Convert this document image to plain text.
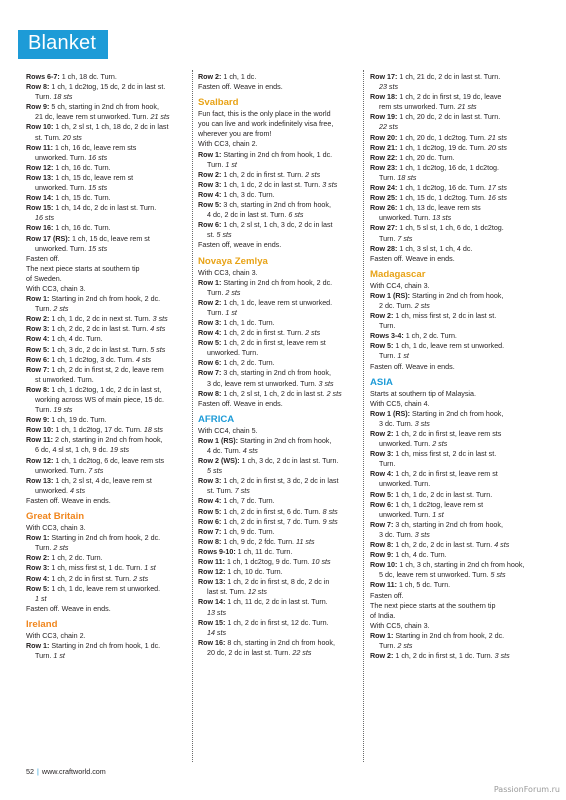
Blanket
Rows 6-7: 1 ch, 18 dc. Turn.
Row 8: 1 ch, 1 dc2tog, 15 dc, 2 dc in last st.
Turn. 18 sts
Row 9: 5 ch, starting in 2nd ch from hook,
21 dc, leave rem st unworked. Turn. 21 sts
Row 10: 1 ch, 2 sl st, 1 ch, 18 dc, 2 dc in last
st. Turn. 20 sts
Row 11: 1 ch, 16 dc, leave rem sts
unworked. Turn. 16 sts
Row 12: 1 ch, 16 dc. Turn.
Row 13: 1 ch, 15 dc, leave rem st
unworked. Turn. 15 sts
Row 14: 1 ch, 15 dc. Turn.
Row 15: 1 ch, 14 dc, 2 dc in last st. Turn.
16 sts
Row 16: 1 ch, 16 dc. Turn.
Row 17 (RS): 1 ch, 15 dc, leave rem st
unworked. Turn. 15 sts
Fasten off.
The next piece starts at southern tip
of Sweden.
With CC3, chain 3.
Row 1: Starting in 2nd ch from hook, 2 dc.
Turn. 2 sts
Row 2: 1 ch, 1 dc, 2 dc in next st. Turn. 3 sts
Row 3: 1 ch, 2 dc, 2 dc in last st. Turn. 4 sts
Row 4: 1 ch, 4 dc. Turn.
Row 5: 1 ch, 3 dc, 2 dc in last st. Turn. 5 sts
Row 6: 1 ch, 1 dc2tog, 3 dc. Turn. 4 sts
Row 7: 1 ch, 2 dc in first st, 2 dc, leave rem
st unworked. Turn.
Row 8: 1 ch, 1 dc2tog, 1 dc, 2 dc in last st,
working across WS of main piece, 15 dc.
Turn. 19 sts
Row 9: 1 ch, 19 dc. Turn.
Row 10: 1 ch, 1 dc2tog, 17 dc. Turn. 18 sts
Row 11: 2 ch, starting in 2nd ch from hook,
6 dc, 4 sl st, 1 ch, 9 dc. 19 sts
Row 12: 1 ch, 1 dc2tog, 6 dc, leave rem sts
unworked. Turn. 7 sts
Row 13: 1 ch, 2 sl st, 4 dc, leave rem st
unworked. 4 sts
Fasten off. Weave in ends.
Great Britain
With CC3, chain 3.
Row 1: Starting in 2nd ch from hook, 2 dc.
Turn. 2 sts
Row 2: 1 ch, 2 dc. Turn.
Row 3: 1 ch, miss first st, 1 dc. Turn. 1 st
Row 4: 1 ch, 2 dc in first st. Turn. 2 sts
Row 5: 1 ch, 1 dc, leave rem st unworked.
1 st
Fasten off. Weave in ends.
Ireland
With CC3, chain 2.
Row 1: Starting in 2nd ch from hook, 1 dc.
Turn. 1 st
Row 2: 1 ch, 1 dc.
Fasten off. Weave in ends.
Svalbard
Fun fact, this is the only place in the world
you can live and work indefinitely visa free,
wherever you are from!
With CC3, chain 2.
Row 1: Starting in 2nd ch from hook, 1 dc.
Turn. 1 st
Row 2: 1 ch, 2 dc in first st. Turn. 2 sts
Row 3: 1 ch, 1 dc, 2 dc in last st. Turn. 3 sts
Row 4: 1 ch, 3 dc. Turn.
Row 5: 3 ch, starting in 2nd ch from hook,
4 dc, 2 dc in last st. Turn. 6 sts
Row 6: 1 ch, 2 sl st, 1 ch, 3 dc, 2 dc in last
st. 5 sts
Fasten off, weave in ends.
Novaya Zemlya
With CC3, chain 3.
Row 1: Starting in 2nd ch from hook, 2 dc.
Turn. 2 sts
Row 2: 1 ch, 1 dc, leave rem st unworked.
Turn. 1 st
Row 3: 1 ch, 1 dc. Turn.
Row 4: 1 ch, 2 dc in first st. Turn. 2 sts
Row 5: 1 ch, 2 dc in first st, leave rem st
unworked. Turn.
Row 6: 1 ch, 2 dc. Turn.
Row 7: 3 ch, starting in 2nd ch from hook,
3 dc, leave rem st unworked. Turn. 3 sts
Row 8: 1 ch, 2 sl st, 1 ch, 2 dc in last st. 2 sts
Fasten off. Weave in ends.
AFRICA
With CC4, chain 5.
Row 1 (RS): Starting in 2nd ch from hook,
4 dc. Turn. 4 sts
Row 2 (WS): 1 ch, 3 dc, 2 dc in last st. Turn.
5 sts
Row 3: 1 ch, 2 dc in first st, 3 dc, 2 dc in last
st. Turn. 7 sts
Row 4: 1 ch, 7 dc. Turn.
Row 5: 1 ch, 2 dc in first st, 6 dc. Turn. 8 sts
Row 6: 1 ch, 2 dc in first st, 7 dc. Turn. 9 sts
Row 7: 1 ch, 9 dc. Turn.
Row 8: 1 ch, 9 dc, 2 fdc. Turn. 11 sts
Rows 9-10: 1 ch, 11 dc. Turn.
Row 11: 1 ch, 1 dc2tog, 9 dc. Turn. 10 sts
Row 12: 1 ch, 10 dc. Turn.
Row 13: 1 ch, 2 dc in first st, 8 dc, 2 dc in
last st. Turn. 12 sts
Row 14: 1 ch, 11 dc, 2 dc in last st. Turn.
13 sts
Row 15: 1 ch, 2 dc in first st, 12 dc. Turn.
14 sts
Row 16: 8 ch, starting in 2nd ch from hook,
20 dc, 2 dc in last st. Turn. 22 sts
Row 17: 1 ch, 21 dc, 2 dc in last st. Turn.
23 sts
Row 18: 1 ch, 2 dc in first st, 19 dc, leave
rem sts unworked. Turn. 21 sts
Row 19: 1 ch, 20 dc, 2 dc in last st. Turn.
22 sts
Row 20: 1 ch, 20 dc, 1 dc2tog. Turn. 21 sts
Row 21: 1 ch, 1 dc2tog, 19 dc. Turn. 20 sts
Row 22: 1 ch, 20 dc. Turn.
Row 23: 1 ch, 1 dc2tog, 16 dc, 1 dc2tog.
Turn. 18 sts
Row 24: 1 ch, 1 dc2tog, 16 dc. Turn. 17 sts
Row 25: 1 ch, 15 dc, 1 dc2tog. Turn. 16 sts
Row 26: 1 ch, 13 dc, leave rem sts
unworked. Turn. 13 sts
Row 27: 1 ch, 5 sl st, 1 ch, 6 dc, 1 dc2tog.
Turn. 7 sts
Row 28: 1 ch, 3 sl st, 1 ch, 4 dc.
Fasten off. Weave in ends.
Madagascar
With CC4, chain 3.
Row 1 (RS): Starting in 2nd ch from hook,
2 dc. Turn. 2 sts
Row 2: 1 ch, miss first st, 2 dc in last st.
Turn.
Rows 3-4: 1 ch, 2 dc. Turn.
Row 5: 1 ch, 1 dc, leave rem st unworked.
Turn. 1 st
Fasten off. Weave in ends.
ASIA
Starts at southern tip of Malaysia.
With CC5, chain 4.
Row 1 (RS): Starting in 2nd ch from hook,
3 dc. Turn. 3 sts
Row 2: 1 ch, 2 dc in first st, leave rem sts
unworked. Turn. 2 sts
Row 3: 1 ch, miss first st, 2 dc in last st.
Turn.
Row 4: 1 ch, 2 dc in first st, leave rem st
unworked. Turn.
Row 5: 1 ch, 1 dc, 2 dc in last st. Turn.
Row 6: 1 ch, 1 dc2tog, leave rem st
unworked. Turn. 1 st
Row 7: 3 ch, starting in 2nd ch from hook,
3 dc. Turn. 3 sts
Row 8: 1 ch, 2 dc, 2 dc in last st. Turn. 4 sts
Row 9: 1 ch, 4 dc. Turn.
Row 10: 1 ch, 3 ch, starting in 2nd ch from hook,
5 dc, leave rem st unworked. Turn. 5 sts
Row 11: 1 ch, 5 dc. Turn.
Fasten off.
The next piece starts at the southern tip
of India.
With CC5, chain 3.
Row 1: Starting in 2nd ch from hook, 2 dc.
Turn. 2 sts
Row 2: 1 ch, 2 dc in first st, 1 dc. Turn. 3 sts
52 | www.craftworld.com
PassionForum.ru
